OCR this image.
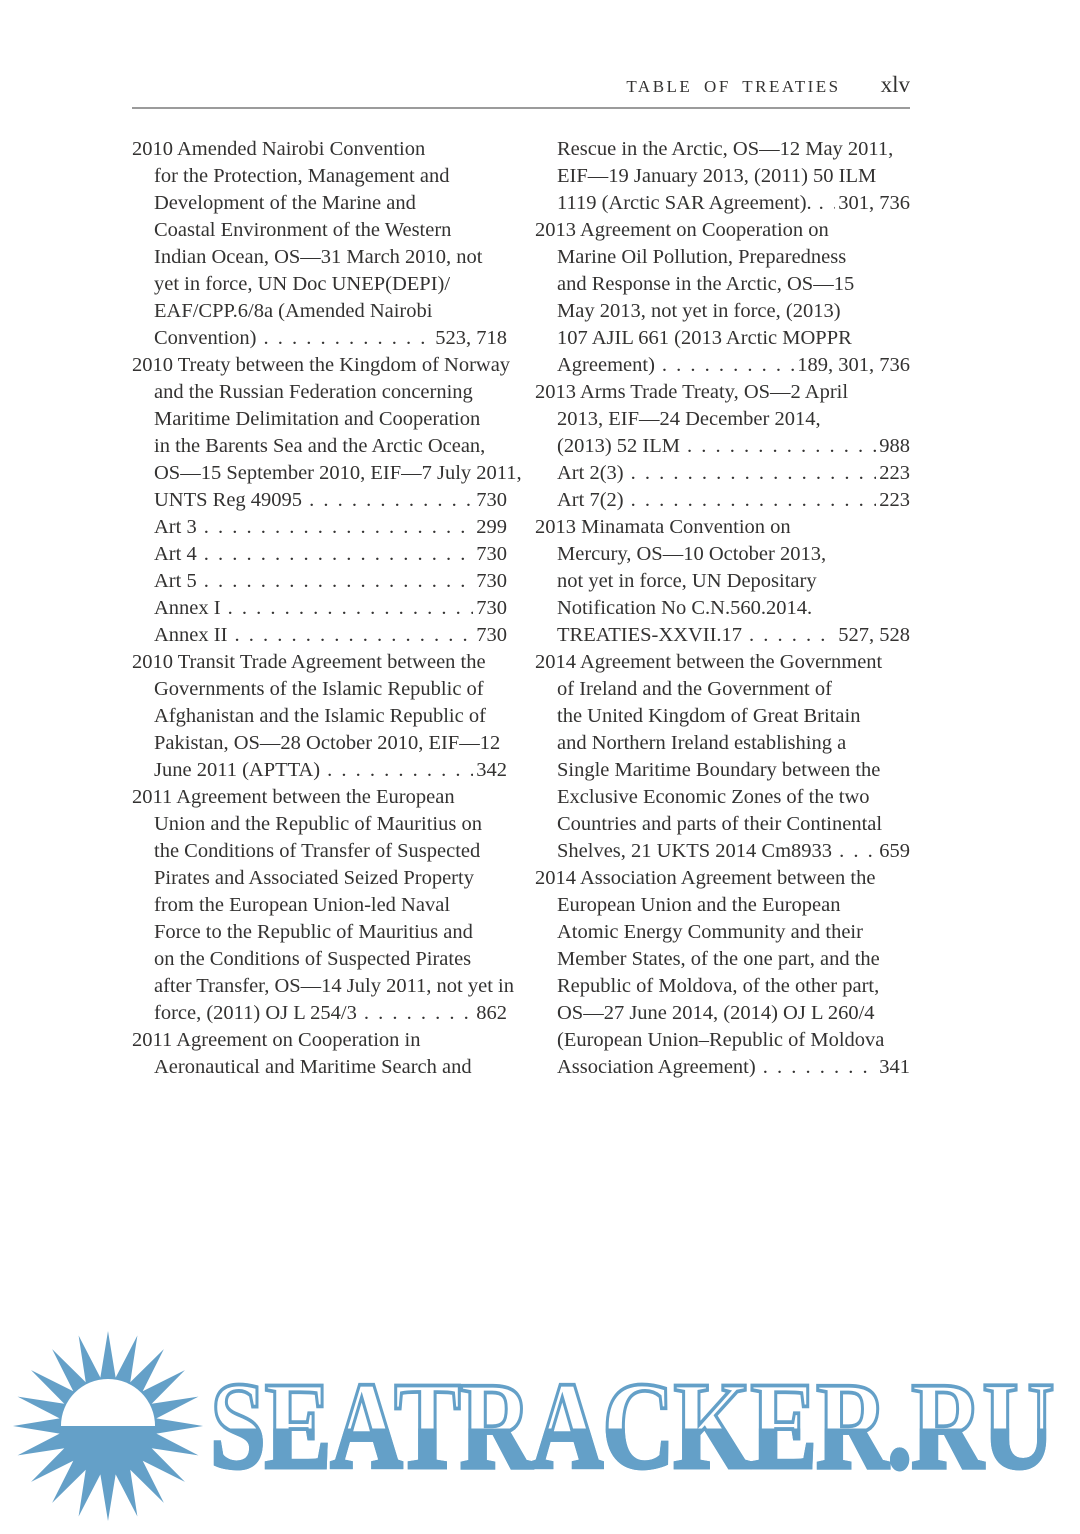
TABLE OF TREATIES xlv
2010 Amended Nairobi Convention
for the Protection, Management and
Development of the Marine and
Coastal Environment of the Western
Indian Ocean, OS—31 March 2010, not
yet in force, UN Doc UNEP(DEPI)/
EAF/CPP.6/8a (Amended Nairobi
Convention) . . .	523, 718
2010 Treaty between the Kingdom of Norway
and the Russian Federation concerning
Maritime Delimitation and Cooperation
in the Barents Sea and the Arctic Ocean,
OS—15 September 2010, EIF—7 July 2011,
UNTS Reg 49095 . . .	730
Art 3 . . .	299
Art 4 . . .	730
Art 5 . . .	730
Annex I . . .	730
Annex II . . .	730
2010 Transit Trade Agreement between the
Governments of the Islamic Republic of
Afghanistan and the Islamic Republic of
Pakistan, OS—28 October 2010, EIF—12
June 2011 (APTTA) . . .	342
2011 Agreement between the European
Union and the Republic of Mauritius on
the Conditions of Transfer of Suspected
Pirates and Associated Seized Property
from the European Union-led Naval
Force to the Republic of Mauritius and
on the Conditions of Suspected Pirates
after Transfer, OS—14 July 2011, not yet in
force, (2011) OJ L 254/3 . . .	862
2011 Agreement on Cooperation in
Aeronautical and Maritime Search and
Rescue in the Arctic, OS—12 May 2011,
EIF—19 January 2013, (2011) 50 ILM
1119 (Arctic SAR Agreement). . . . 301, 736
2013 Agreement on Cooperation on
Marine Oil Pollution, Preparedness
and Response in the Arctic, OS—15
May 2013, not yet in force, (2013)
107 AJIL 661 (2013 Arctic MOPPR
Agreement) . . .	189, 301, 736
2013 Arms Trade Treaty, OS—2 April
2013, EIF—24 December 2014,
(2013) 52 ILM . . .	988
Art 2(3) . . .	223
Art 7(2) . . .	223
2013 Minamata Convention on
Mercury, OS—10 October 2013,
not yet in force, UN Depositary
Notification No C.N.560.2014.
TREATIES-XXVII.17 . . .	527, 528
2014 Agreement between the Government
of Ireland and the Government of
the United Kingdom of Great Britain
and Northern Ireland establishing a
Single Maritime Boundary between the
Exclusive Economic Zones of the two
Countries and parts of their Continental
Shelves, 21 UKTS 2014 Cm8933 . . . 659
2014 Association Agreement between the
European Union and the European
Atomic Energy Community and their
Member States, of the one part, and the
Republic of Moldova, of the other part,
OS—27 June 2014, (2014) OJ L 260/4
(European Union–Republic of Moldova
Association Agreement) . . .	341
SEATRACKER.RU
